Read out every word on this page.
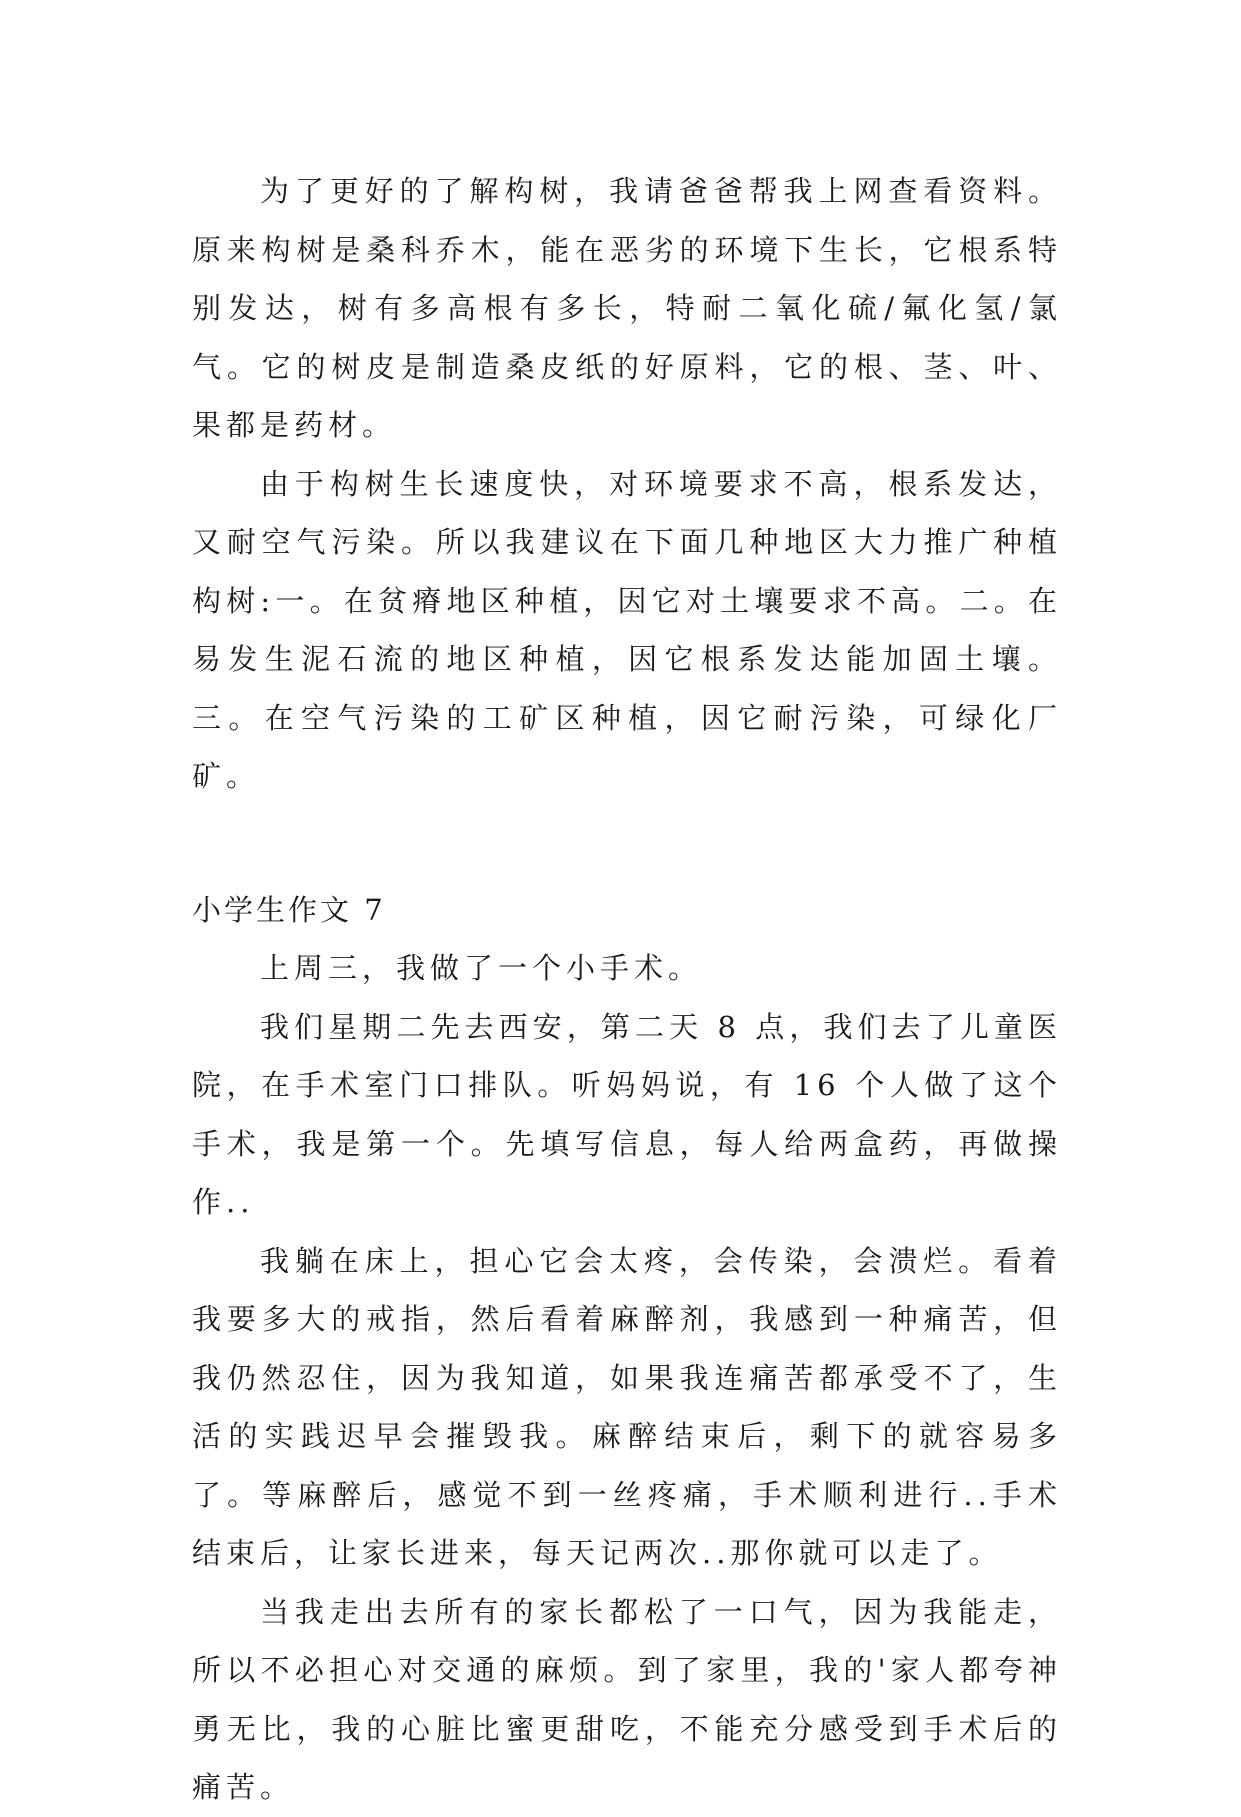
为了更好的了解构树，我请爸爸帮我上网查看资料。原来构树是桑科乔木，能在恶劣的环境下生长，它根系特别发达，树有多高根有多长，特耐二氧化硫/氟化氢/氯气。它的树皮是制造桑皮纸的好原料，它的根、茎、叶、果都是药材。

由于构树生长速度快，对环境要求不高，根系发达，又耐空气污染。所以我建议在下面几种地区大力推广种植构树:一。在贫瘠地区种植，因它对土壤要求不高。二。在易发生泥石流的地区种植，因它根系发达能加固土壤。三。在空气污染的工矿区种植，因它耐污染，可绿化厂矿。

小学生作文 7

上周三，我做了一个小手术。

我们星期二先去西安，第二天 8 点，我们去了儿童医院，在手术室门口排队。听妈妈说，有 16 个人做了这个手术，我是第一个。先填写信息，每人给两盒药，再做操作..

我躺在床上，担心它会太疼，会传染，会溃烂。看着我要多大的戒指，然后看着麻醉剂，我感到一种痛苦，但我仍然忍住，因为我知道，如果我连痛苦都承受不了，生活的实践迟早会摧毁我。麻醉结束后，剩下的就容易多了。等麻醉后，感觉不到一丝疼痛，手术顺利进行..手术结束后，让家长进来，每天记两次..那你就可以走了。

当我走出去所有的家长都松了一口气，因为我能走，所以不必担心对交通的麻烦。到了家里，我的'家人都夸神勇无比，我的心脏比蜜更甜吃，不能充分感受到手术后的痛苦。
